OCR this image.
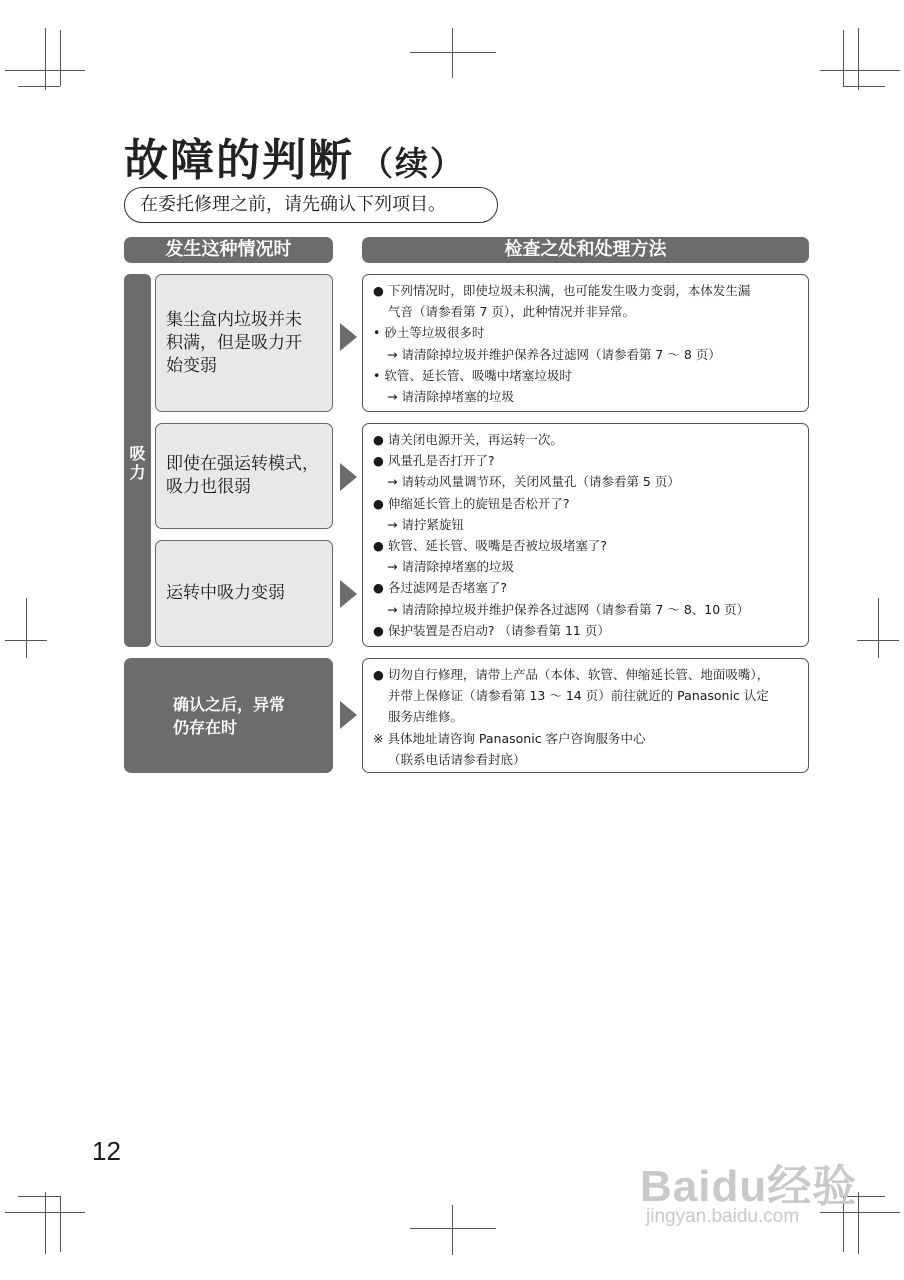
故障的判断 （续）
在委托修理之前，请先确认下列项目。
发生这种情况时	检查之处和处理方法
吸力
集尘盒内垃圾并未积满，但是吸力开始变弱
● 下列情况时，即使垃圾未积满，也可能发生吸力变弱，本体发生漏
气音（请参看第 7 页），此种情况并非异常。
• 砂土等垃圾很多时
→ 请清除掉垃圾并维护保养各过滤网（请参看第 7 ～ 8 页）
• 软管、延长管、吸嘴中堵塞垃圾时
→ 请清除掉堵塞的垃圾
即使在强运转模式，吸力也很弱
运转中吸力变弱
● 请关闭电源开关，再运转一次。
● 风量孔是否打开了?
→ 请转动风量调节环，关闭风量孔（请参看第 5 页）
● 伸缩延长管上的旋钮是否松开了?
→ 请拧紧旋钮
● 软管、延长管、吸嘴是否被垃圾堵塞了?
→ 请清除掉堵塞的垃圾
● 各过滤网是否堵塞了?
→ 请清除掉垃圾并维护保养各过滤网（请参看第 7 ～ 8、10 页）
● 保护装置是否启动? （请参看第 11 页）
确认之后，异常仍存在时
● 切勿自行修理，请带上产品（本体、软管、伸缩延长管、地面吸嘴），
并带上保修证（请参看第 13 ～ 14 页）前往就近的 Panasonic 认定
服务店维修。
※ 具体地址请咨询 Panasonic 客户咨询服务中心
（联系电话请参看封底）
12
Baidu经验
jingyan.baidu.com
